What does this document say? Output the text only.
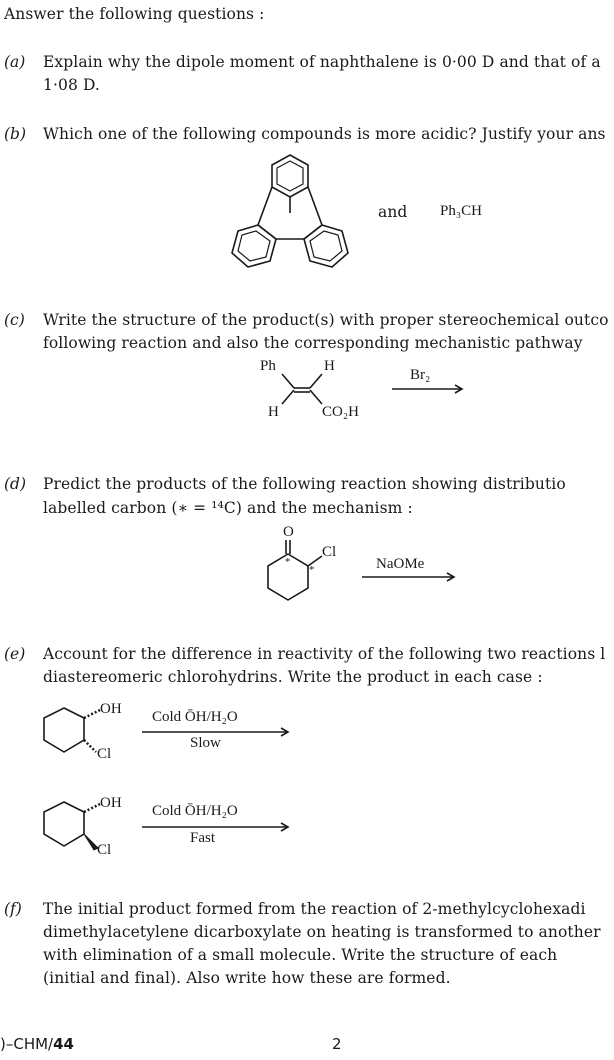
Answer the following questions :
(a) Explain why the dipole moment of naphthalene is 0·00 D and that of a
1·08 D.
(b) Which one of the following compounds is more acidic? Justify your ans
and Ph₃CH
(c) Write the structure of the product(s) with proper stereochemical outco
following reaction and also the corresponding mechanistic pathway
Ph	H
H	CO₂H
Br₂
(d) Predict the products of the following reaction showing distributio
labelled carbon (∗ = ¹⁴C) and the mechanism :
O
Cl
*
*	NaOMe
(e) Account for the difference in reactivity of the following two reactions l
diastereomeric chlorohydrins. Write the product in each case :
OH
Cl
Cold ŌH/H₂O
Slow
OH
Cl
Cold ŌH/H₂O
Fast
(f) The initial product formed from the reaction of 2-methylcyclohexadi
dimethylacetylene dicarboxylate on heating is transformed to another
with elimination of a small molecule. Write the structure of each
(initial and final). Also write how these are formed.
)–CHM/44	2
